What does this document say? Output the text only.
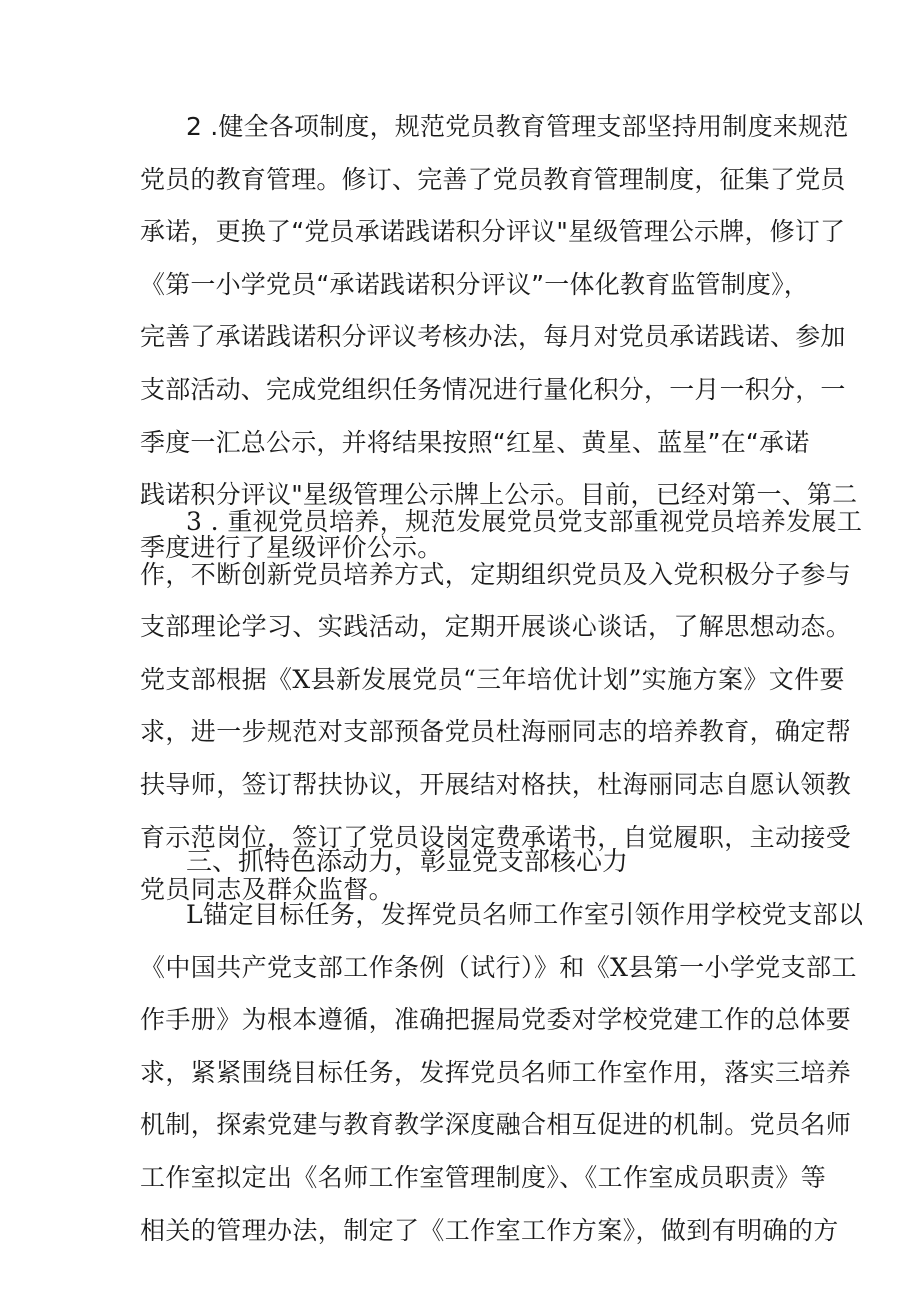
2 .健全各项制度，规范党员教育管理支部坚持用制度来规范
党员的教育管理。修订、完善了党员教育管理制度，征集了党员
承诺，更换了“党员承诺践诺积分评议"星级管理公示牌，修订了
《第一小学党员“承诺践诺积分评议”一体化教育监管制度》，
完善了承诺践诺积分评议考核办法，每月对党员承诺践诺、参加
支部活动、完成党组织任务情况进行量化积分，一月一积分，一
季度一汇总公示，并将结果按照“红星、黄星、蓝星”在“承诺
践诺积分评议"星级管理公示牌上公示。目前，已经对第一、第二
季度进行了星级评价公示。
3 . 重视党员培养，规范发展党员党支部重视党员培养发展工
作，不断创新党员培养方式，定期组织党员及入党积极分子参与
支部理论学习、实践活动，定期开展谈心谈话，了解思想动态。
党支部根据《X县新发展党员“三年培优计划”实施方案》文件要
求，进一步规范对支部预备党员杜海丽同志的培养教育，确定帮
扶导师，签订帮扶协议，开展结对格扶，杜海丽同志自愿认领教
育示范岗位，签订了党员设岗定费承诺书，自觉履职，主动接受
党员同志及群众监督。
三、抓特色添动力，彰显党支部核心力
L锚定目标任务，发挥党员名师工作室引领作用学校党支部以
《中国共产党支部工作条例（试行）》和《X县第一小学党支部工
作手册》为根本遵循，准确把握局党委对学校党建工作的总体要
求，紧紧围绕目标任务，发挥党员名师工作室作用，落实三培养
机制，探索党建与教育教学深度融合相互促进的机制。党员名师
工作室拟定出《名师工作室管理制度》、《工作室成员职责》等
相关的管理办法，制定了《工作室工作方案》，做到有明确的方
